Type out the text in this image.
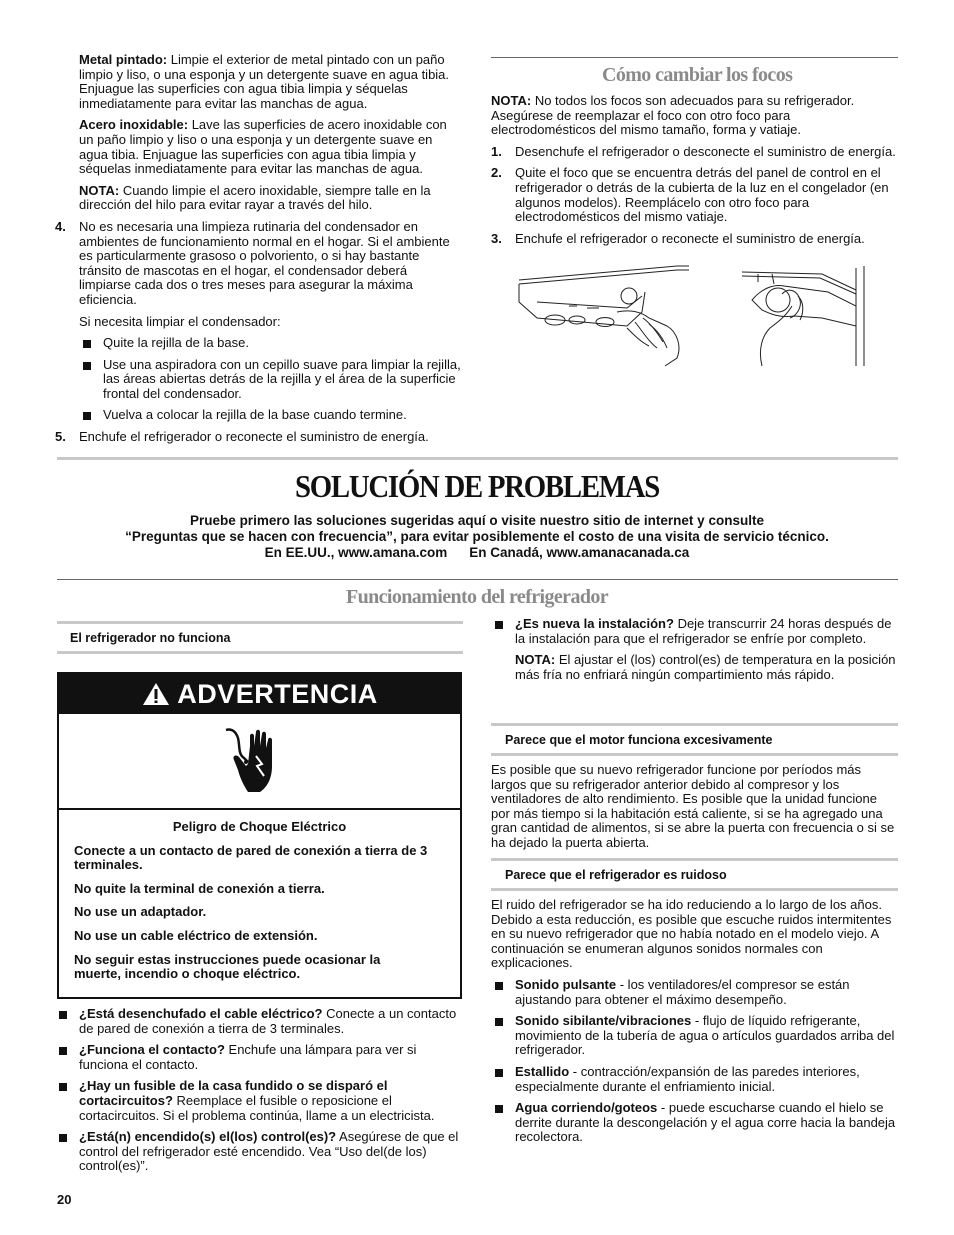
Metal pintado: Limpie el exterior de metal pintado con un paño limpio y liso, o una esponja y un detergente suave en agua tibia. Enjuague las superficies con agua tibia limpia y séquelas inmediatamente para evitar las manchas de agua.

Acero inoxidable: Lave las superficies de acero inoxidable con un paño limpio y liso o una esponja y un detergente suave en agua tibia. Enjuague las superficies con agua tibia limpia y séquelas inmediatamente para evitar las manchas de agua.

NOTA: Cuando limpie el acero inoxidable, siempre talle en la dirección del hilo para evitar rayar a través del hilo.

4. No es necesaria una limpieza rutinaria del condensador en ambientes de funcionamiento normal en el hogar. Si el ambiente es particularmente grasoso o polvoriento, o si hay bastante tránsito de mascotas en el hogar, el condensador deberá limpiarse cada dos o tres meses para asegurar la máxima eficiencia.

Si necesita limpiar el condensador:

Quite la rejilla de la base.
Use una aspiradora con un cepillo suave para limpiar la rejilla, las áreas abiertas detrás de la rejilla y el área de la superficie frontal del condensador.
Vuelva a colocar la rejilla de la base cuando termine.
5. Enchufe el refrigerador o reconecte el suministro de energía.

Cómo cambiar los focos

NOTA: No todos los focos son adecuados para su refrigerador. Asegúrese de reemplazar el foco con otro foco para electrodomésticos del mismo tamaño, forma y vatiaje.

1. Desenchufe el refrigerador o desconecte el suministro de energía.

2. Quite el foco que se encuentra detrás del panel de control en el refrigerador o detrás de la cubierta de la luz en el congelador (en algunos modelos). Reemplácelo con otro foco para electrodomésticos del mismo vatiaje.

3. Enchufe el refrigerador o reconecte el suministro de energía.

SOLUCIÓN DE PROBLEMAS

Pruebe primero las soluciones sugeridas aquí o visite nuestro sitio de internet y consulte

“Preguntas que se hacen con frecuencia”, para evitar posiblemente el costo de una visita de servicio técnico.

En EE.UU., www.amana.com En Canadá, www.amanacanada.ca

Funcionamiento del refrigerador
El refrigerador no funciona
ADVERTENCIA

Peligro de Choque Eléctrico

Conecte a un contacto de pared de conexión a tierra de 3 terminales.

No quite la terminal de conexión a tierra.

No use un adaptador.

No use un cable eléctrico de extensión.

No seguir estas instrucciones puede ocasionar la muerte, incendio o choque eléctrico.

¿Está desenchufado el cable eléctrico? Conecte a un contacto de pared de conexión a tierra de 3 terminales.
¿Funciona el contacto? Enchufe una lámpara para ver si funciona el contacto.
¿Hay un fusible de la casa fundido o se disparó el cortacircuitos? Reemplace el fusible o reposicione el cortacircuitos. Si el problema continúa, llame a un electricista.
¿Está(n) encendido(s) el(los) control(es)? Asegúrese de que el control del refrigerador esté encendido. Vea “Uso del(de los) control(es)”.
¿Es nueva la instalación? Deje transcurrir 24 horas después de la instalación para que el refrigerador se enfríe por completo.

NOTA: El ajustar el (los) control(es) de temperatura en la posición más fría no enfriará ningún compartimiento más rápido.

Parece que el motor funciona excesivamente

Es posible que su nuevo refrigerador funcione por períodos más largos que su refrigerador anterior debido al compresor y los ventiladores de alto rendimiento. Es posible que la unidad funcione por más tiempo si la habitación está caliente, si se ha agregado una gran cantidad de alimentos, si se abre la puerta con frecuencia o si se ha dejado la puerta abierta.

Parece que el refrigerador es ruidoso

El ruido del refrigerador se ha ido reduciendo a lo largo de los años. Debido a esta reducción, es posible que escuche ruidos intermitentes en su nuevo refrigerador que no había notado en el modelo viejo. A continuación se enumeran algunos sonidos normales con explicaciones.

Sonido pulsante - los ventiladores/el compresor se están ajustando para obtener el máximo desempeño.
Sonido sibilante/vibraciones - flujo de líquido refrigerante, movimiento de la tubería de agua o artículos guardados arriba del refrigerador.
Estallido - contracción/expansión de las paredes interiores, especialmente durante el enfriamiento inicial.
Agua corriendo/goteos - puede escucharse cuando el hielo se derrite durante la descongelación y el agua corre hacia la bandeja recolectora.
20
